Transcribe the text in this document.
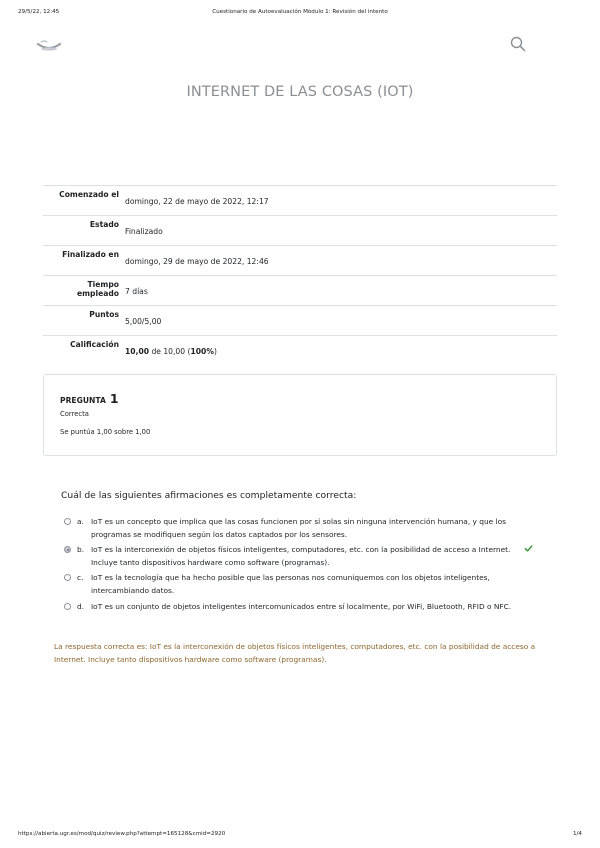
29/5/22, 12:45	Cuestionario de Autoevaluación Módulo 1: Revisión del intento
INTERNET DE LAS COSAS (IOT)
Comenzado el
domingo, 22 de mayo de 2022, 12:17
Estado
Finalizado
Finalizado en
domingo, 29 de mayo de 2022, 12:46
Tiempo empleado 7 días
Puntos
5,00/5,00
Calificación
10,00 de 10,00 (100%)
PREGUNTA 1
Correcta
Se puntúa 1,00 sobre 1,00
Cuál de las siguientes afirmaciones es completamente correcta:
a. IoT es un concepto que implica que las cosas funcionen por sí solas sin ninguna intervención humana, y que los
programas se modifiquen según los datos captados por los sensores.
b. IoT es la interconexión de objetos físicos inteligentes, computadores, etc. con la posibilidad de acceso a Internet.
Incluye tanto dispositivos hardware como software (programas).
c. IoT es la tecnología que ha hecho posible que las personas nos comuniquemos con los objetos inteligentes,
intercambiando datos.
d. IoT es un conjunto de objetos inteligentes intercomunicados entre sí localmente, por WiFi, Bluetooth, RFID o NFC.
La respuesta correcta es: IoT es la interconexión de objetos físicos inteligentes, computadores, etc. con la posibilidad de acceso a
Internet. Incluye tanto dispositivos hardware como software (programas).
https://abierta.ugr.es/mod/quiz/review.php?attempt=165128&cmid=2920	1/4
